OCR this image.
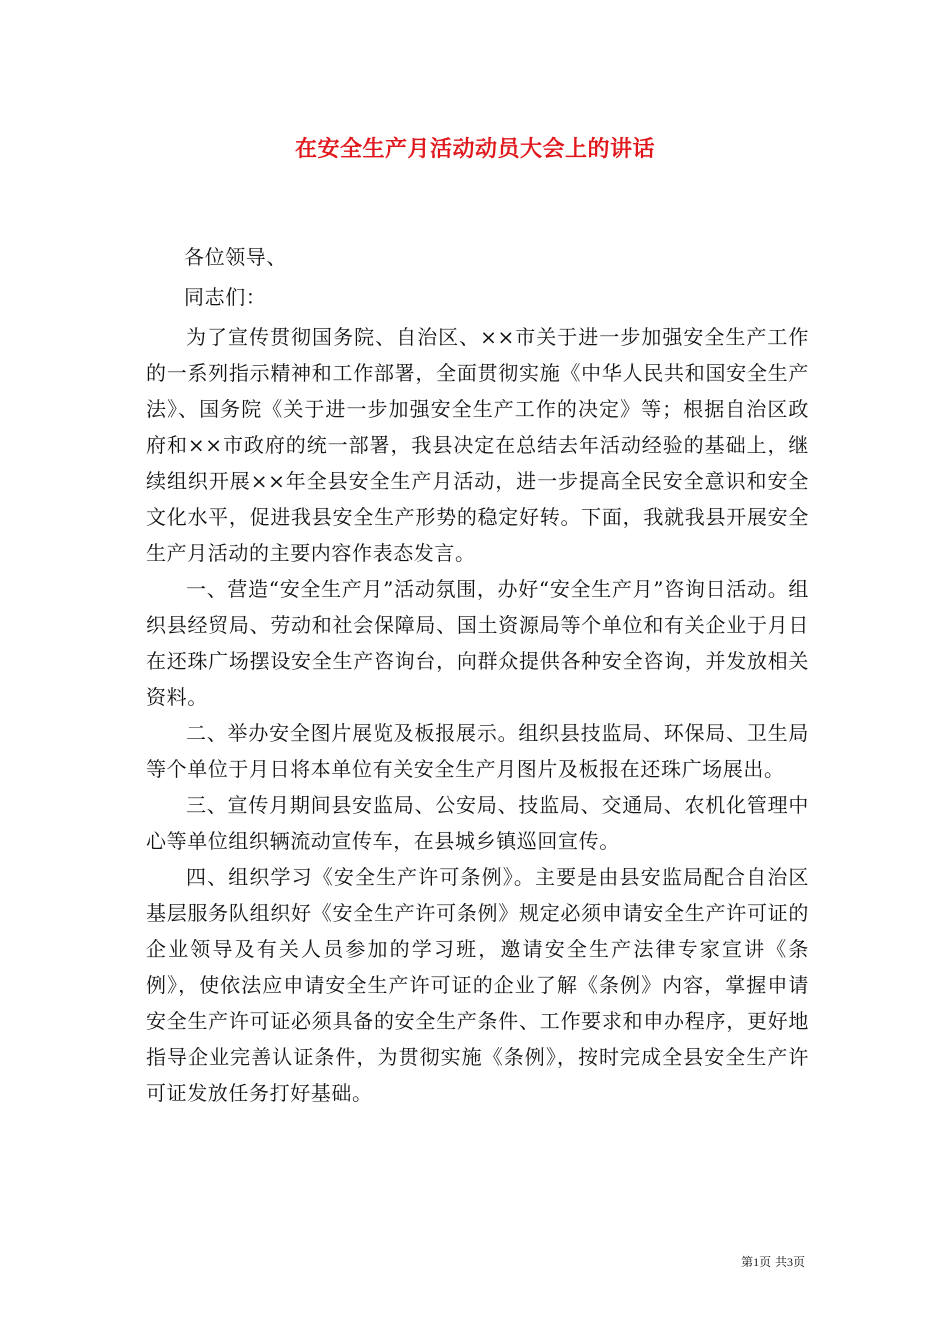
在安全生产月活动动员大会上的讲话

各位领导、

同志们：

为了宣传贯彻国务院、自治区、××市关于进一步加强安全生产工作的一系列指示精神和工作部署，全面贯彻实施《中华人民共和国安全生产法》、国务院《关于进一步加强安全生产工作的决定》等；根据自治区政府和××市政府的统一部署，我县决定在总结去年活动经验的基础上，继续组织开展××年全县安全生产月活动，进一步提高全民安全意识和安全文化水平，促进我县安全生产形势的稳定好转。下面，我就我县开展安全生产月活动的主要内容作表态发言。

一、营造“安全生产月”活动氛围，办好“安全生产月”咨询日活动。组织县经贸局、劳动和社会保障局、国土资源局等个单位和有关企业于月日在还珠广场摆设安全生产咨询台，向群众提供各种安全咨询，并发放相关资料。

二、举办安全图片展览及板报展示。组织县技监局、环保局、卫生局等个单位于月日将本单位有关安全生产月图片及板报在还珠广场展出。

三、宣传月期间县安监局、公安局、技监局、交通局、农机化管理中心等单位组织辆流动宣传车，在县城乡镇巡回宣传。

四、组织学习《安全生产许可条例》。主要是由县安监局配合自治区基层服务队组织好《安全生产许可条例》规定必须申请安全生产许可证的企业领导及有关人员参加的学习班，邀请安全生产法律专家宣讲《条例》，使依法应申请安全生产许可证的企业了解《条例》内容，掌握申请安全生产许可证必须具备的安全生产条件、工作要求和申办程序，更好地指导企业完善认证条件，为贯彻实施《条例》，按时完成全县安全生产许可证发放任务打好基础。

第1页 共3页
